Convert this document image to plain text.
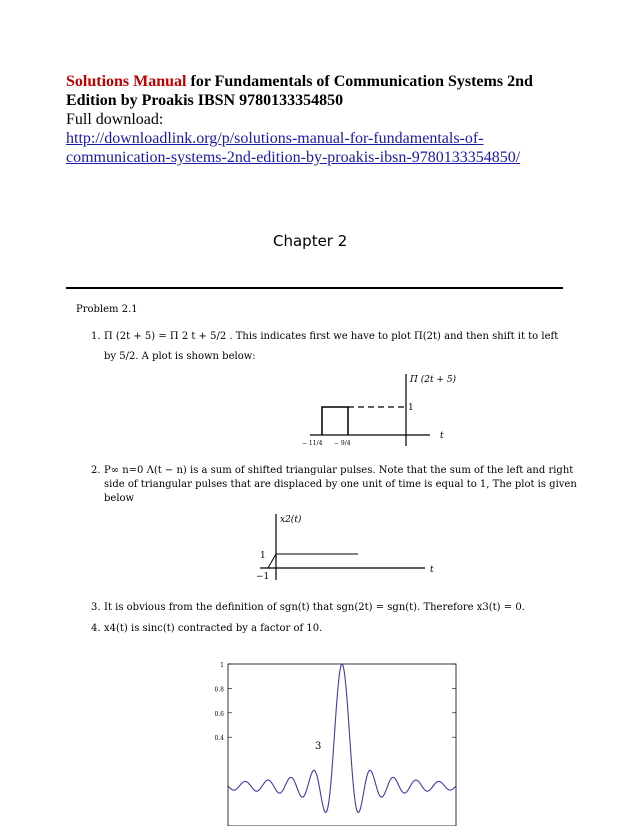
Solutions Manual for Fundamentals of Communication Systems 2nd
Edition by Proakis IBSN 9780133354850
Full download:
http://downloadlink.org/p/solutions-manual-for-fundamentals-of-
communication-systems-2nd-edition-by-proakis-ibsn-9780133354850/
Chapter 2
Problem 2.1
1. Π (2t + 5) = Π 2 t + 5/2 . This indicates first we have to plot Π(2t) and then shift it to left
by 5/2. A plot is shown below:
Π (2t + 5)
1
t
− 11/4 − 9/4
2. P∞ n=0 Λ(t − n) is a sum of shifted triangular pulses. Note that the sum of the left and right
side of triangular pulses that are displaced by one unit of time is equal to 1, The plot is given
below
x2(t)
1
−1
t
3. It is obvious from the definition of sgn(t) that sgn(2t) = sgn(t). Therefore x3(t) = 0.
4. x4(t) is sinc(t) contracted by a factor of 10.
1
0.8
0.6
0.4
3
